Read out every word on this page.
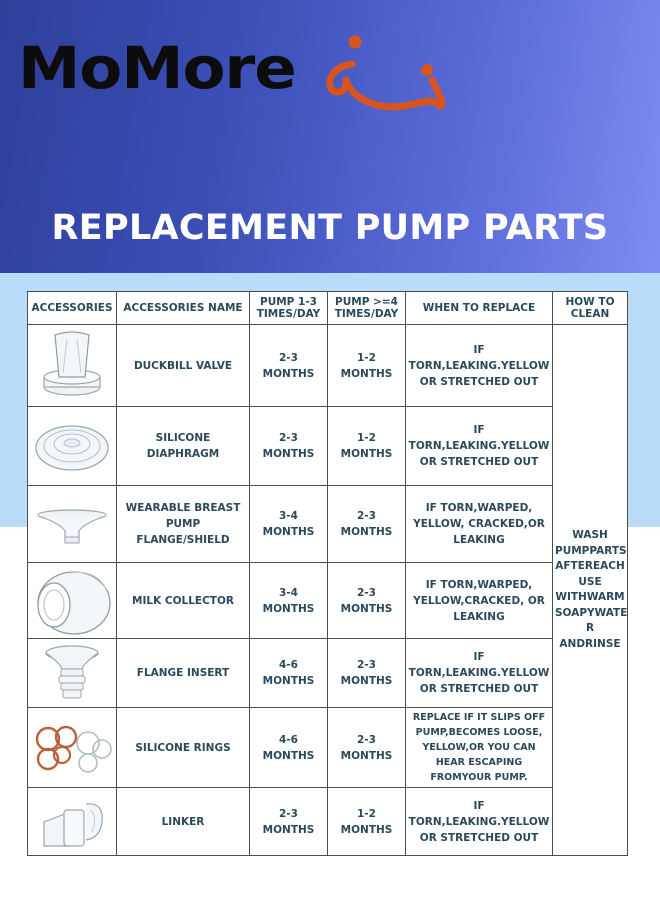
MoMore
REPLACEMENT PUMP PARTS
ACCESSORIES	ACCESSORIES NAME	PUMP 1-3 TIMES/DAY	PUMP >=4 TIMES/DAY	WHEN TO REPLACE	HOW TO CLEAN

	DUCKBILL VALVE	2-3 MONTHS	1-2 MONTHS	IF TORN,LEAKING.YELLOW OR STRETCHED OUT	WASH PUMPPARTS AFTEREACH USE WITHWARM SOAPYWATE R ANDRINSE

	SILICONE DIAPHRAGM	2-3 MONTHS	1-2 MONTHS	IF TORN,LEAKING.YELLOW OR STRETCHED OUT	

	WEARABLE BREAST PUMP FLANGE/SHIELD	3-4 MONTHS	2-3 MONTHS	IF TORN,WARPED, YELLOW, CRACKED,OR LEAKING	

	MILK COLLECTOR	3-4 MONTHS	2-3 MONTHS	IF TORN,WARPED, YELLOW,CRACKED, OR LEAKING	

	FLANGE INSERT	4-6 MONTHS	2-3 MONTHS	IF TORN,LEAKING.YELLOW OR STRETCHED OUT	

	SILICONE RINGS	4-6 MONTHS	2-3 MONTHS	REPLACE IF IT SLIPS OFF PUMP,BECOMES LOOSE, YELLOW,OR YOU CAN HEAR ESCAPING FROMYOUR PUMP.	

	LINKER	2-3 MONTHS	1-2 MONTHS	IF TORN,LEAKING.YELLOW OR STRETCHED OUT	
